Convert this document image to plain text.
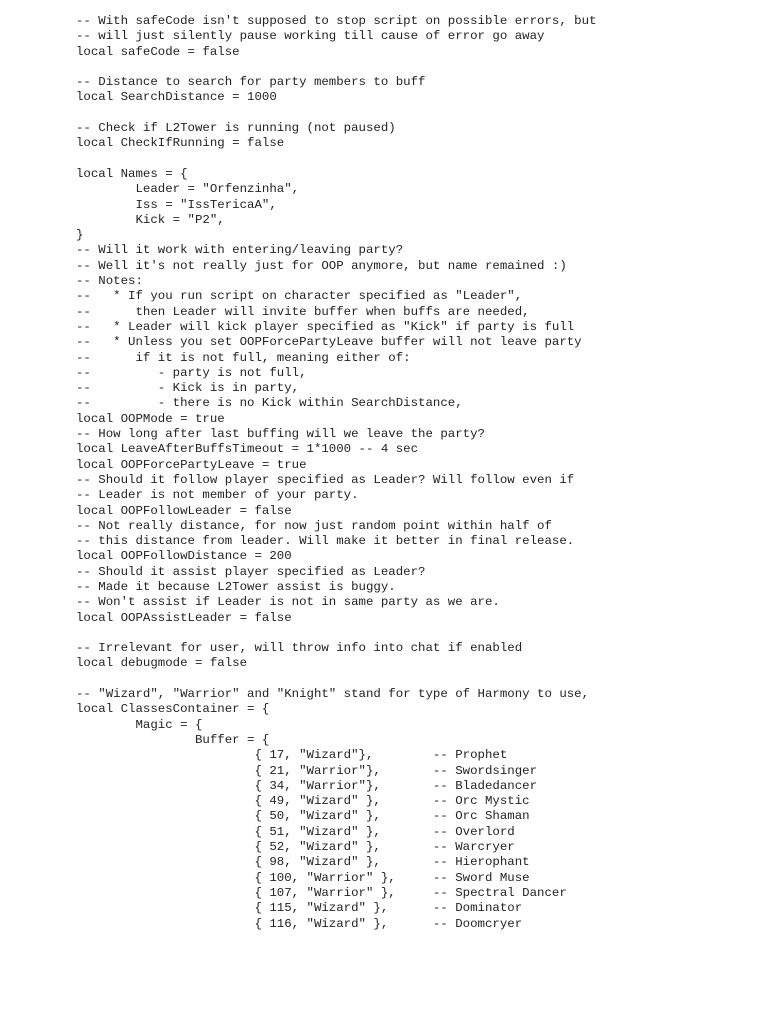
-- With safeCode isn't supposed to stop script on possible errors, but
-- will just silently pause working till cause of error go away
local safeCode = false
-- Distance to search for party members to buff
local SearchDistance = 1000
-- Check if L2Tower is running (not paused)
local CheckIfRunning = false
local Names = {
Leader = "Orfenzinha",
Iss = "IssTericaA",
Kick = "P2",
}
-- Will it work with entering/leaving party?
-- Well it's not really just for OOP anymore, but name remained :)
-- Notes:
--   * If you run script on character specified as "Leader",
--      then Leader will invite buffer when buffs are needed,
--   * Leader will kick player specified as "Kick" if party is full
--   * Unless you set OOPForcePartyLeave buffer will not leave party
--      if it is not full, meaning either of:
--         - party is not full,
--         - Kick is in party,
--         - there is no Kick within SearchDistance,
local OOPMode = true
-- How long after last buffing will we leave the party?
local LeaveAfterBuffsTimeout = 1*1000 -- 4 sec
local OOPForcePartyLeave = true
-- Should it follow player specified as Leader? Will follow even if
-- Leader is not member of your party.
local OOPFollowLeader = false
-- Not really distance, for now just random point within half of
-- this distance from leader. Will make it better in final release.
local OOPFollowDistance = 200
-- Should it assist player specified as Leader?
-- Made it because L2Tower assist is buggy.
-- Won't assist if Leader is not in same party as we are.
local OOPAssistLeader = false
-- Irrelevant for user, will throw info into chat if enabled
local debugmode = false
-- "Wizard", "Warrior" and "Knight" stand for type of Harmony to use,
local ClassesContainer = {
Magic = {
Buffer = {
{ 17, "Wizard"},        -- Prophet
{ 21, "Warrior"},       -- Swordsinger
{ 34, "Warrior"},       -- Bladedancer
{ 49, "Wizard" },       -- Orc Mystic
{ 50, "Wizard" },       -- Orc Shaman
{ 51, "Wizard" },       -- Overlord
{ 52, "Wizard" },       -- Warcryer
{ 98, "Wizard" },       -- Hierophant
{ 100, "Warrior" },     -- Sword Muse
{ 107, "Warrior" },     -- Spectral Dancer
{ 115, "Wizard" },      -- Dominator
{ 116, "Wizard" },      -- Doomcryer
